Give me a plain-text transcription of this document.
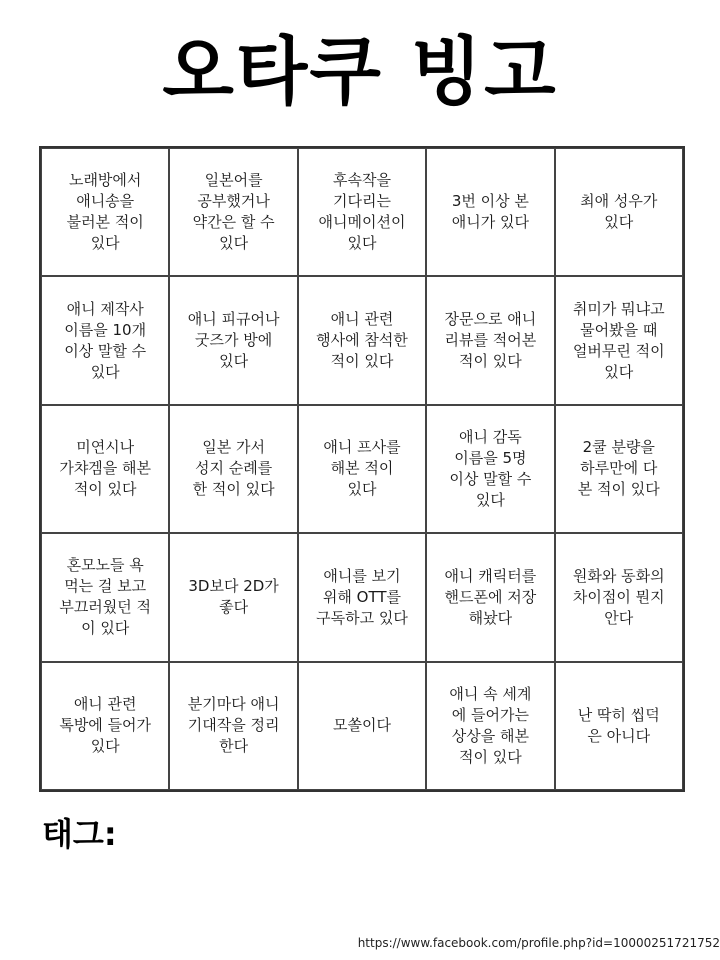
오타쿠 빙고
노래방에서
애니송을
불러본 적이
있다
일본어를
공부했거나
약간은 할 수
있다
후속작을
기다리는
애니메이션이
있다
3번 이상 본
애니가 있다
최애 성우가
있다
애니 제작사
이름을 10개
이상 말할 수
있다
애니 피규어나
굿즈가 방에
있다
애니 관련
행사에 참석한
적이 있다
장문으로 애니
리뷰를 적어본
적이 있다
취미가 뭐냐고
물어봤을 때
얼버무린 적이
있다
미연시나
가챠겜을 해본
적이 있다
일본 가서
성지 순례를
한 적이 있다
애니 프사를
해본 적이
있다
애니 감독
이름을 5명
이상 말할 수
있다
2쿨 분량을
하루만에 다
본 적이 있다
혼모노들 욕
먹는 걸 보고
부끄러웠던 적
이 있다
3D보다 2D가
좋다
애니를 보기
위해 OTT를
구독하고 있다
애니 캐릭터를
핸드폰에 저장
해놨다
원화와 동화의
차이점이 뭔지
안다
애니 관련
톡방에 들어가
있다
분기마다 애니
기대작을 정리
한다
모쏠이다
애니 속 세계
에 들어가는
상상을 해본
적이 있다
난 딱히 씹덕
은 아니다
태그:
https://www.facebook.com/profile.php?id=10000251721752
